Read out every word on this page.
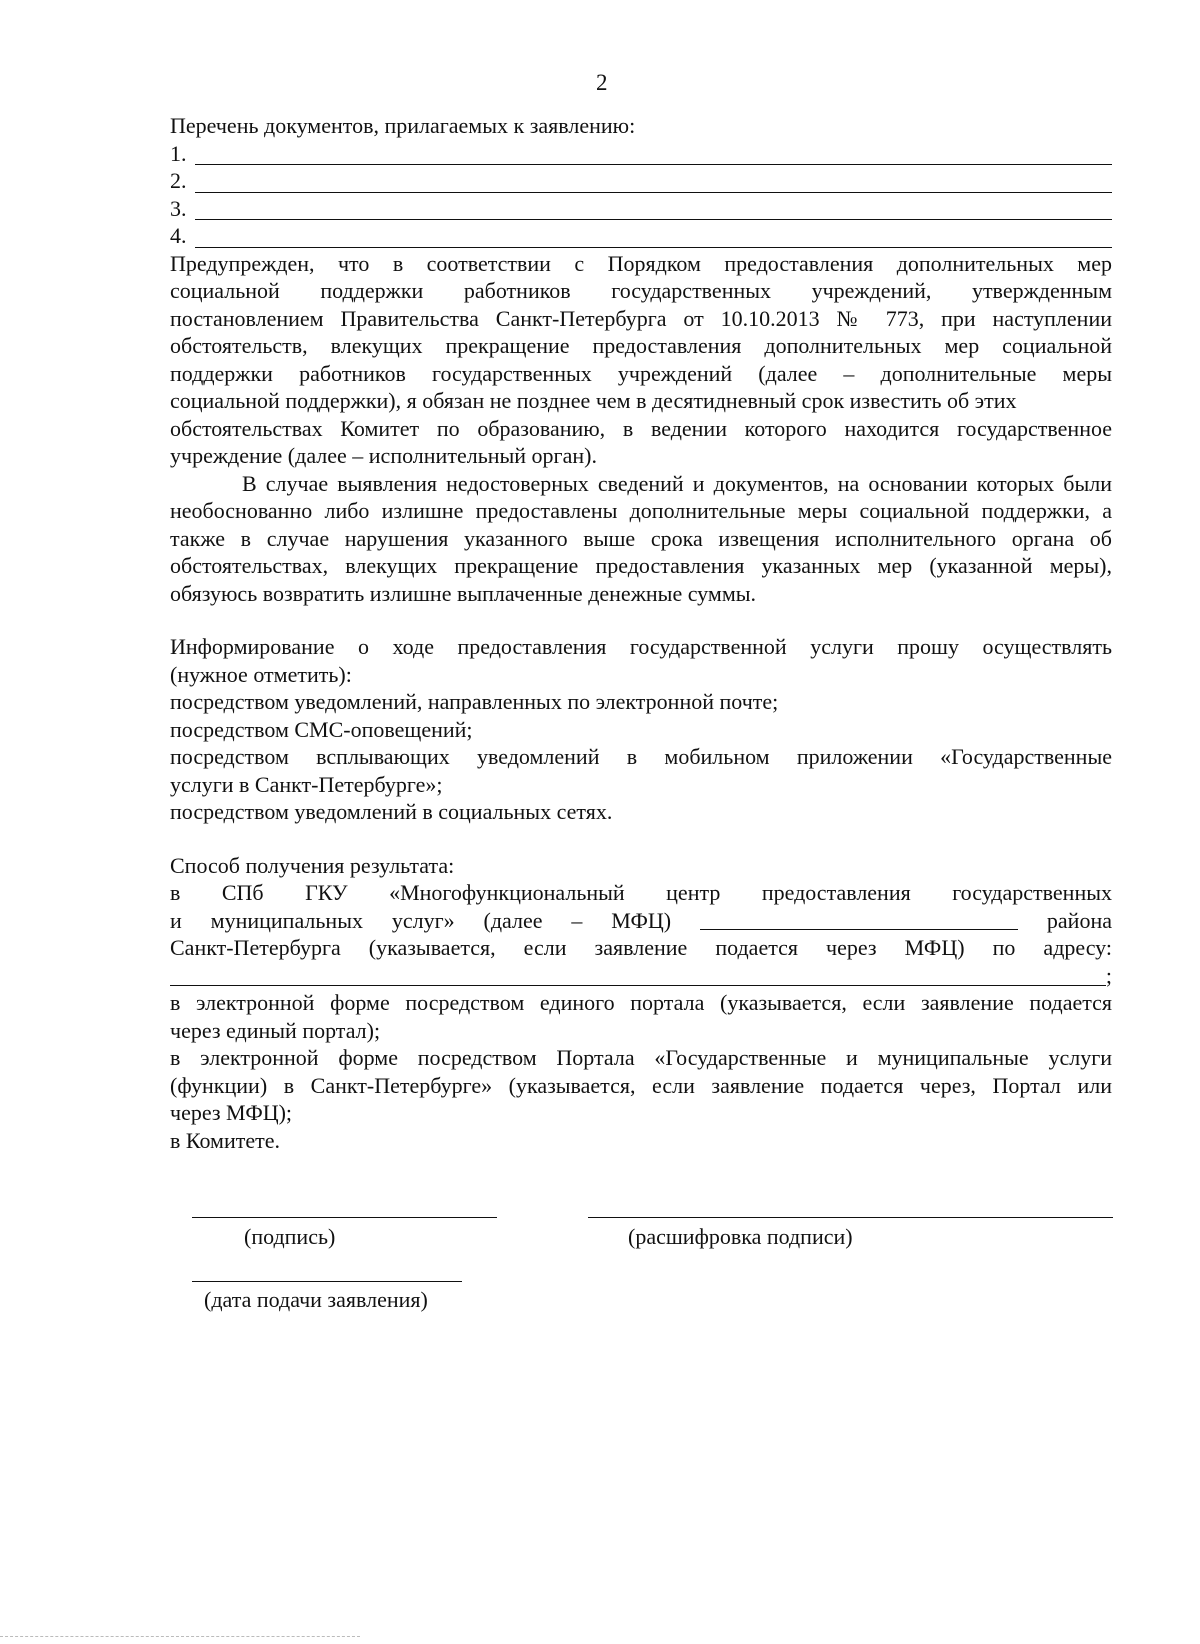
2
Перечень документов, прилагаемых к заявлению:
1.
2.
3.
4.
Предупрежден, что в соответствии с Порядком предоставления дополнительных мер
социальной поддержки работников государственных учреждений, утвержденным
постановлением Правительства Санкт-Петербурга от 10.10.2013 № 773, при наступлении
обстоятельств, влекущих прекращение предоставления дополнительных мер социальной
поддержки работников государственных учреждений (далее – дополнительные меры
социальной поддержки), я обязан не позднее чем в десятидневный срок известить об этих
обстоятельствах Комитет по образованию, в ведении которого находится государственное
учреждение (далее – исполнительный орган).
В случае выявления недостоверных сведений и документов, на основании которых были необоснованно либо излишне предоставлены дополнительные меры социальной поддержки, а также в случае нарушения указанного выше срока извещения исполнительного органа об обстоятельствах, влекущих прекращение предоставления указанных мер (указанной меры), обязуюсь возвратить излишне выплаченные денежные суммы.
Информирование о ходе предоставления государственной услуги прошу осуществлять
(нужное отметить):
посредством уведомлений, направленных по электронной почте;
посредством СМС-оповещений;
посредством всплывающих уведомлений в мобильном приложении «Государственные
услуги в Санкт-Петербурге»;
посредством уведомлений в социальных сетях.
Способ получения результата:
в СПб ГКУ «Многофункциональный центр предоставления государственных
и муниципальных услуг» (далее – МФЦ)	района
Санкт-Петербурга (указывается, если заявление подается через МФЦ) по адресу:
;
в электронной форме посредством единого портала (указывается, если заявление подается
через единый портал);
в электронной форме посредством Портала «Государственные и муниципальные услуги
(функции) в Санкт-Петербурге» (указывается, если заявление подается через, Портал или
через МФЦ);
в Комитете.
(подпись)	(расшифровка подписи)
(дата подачи заявления)
